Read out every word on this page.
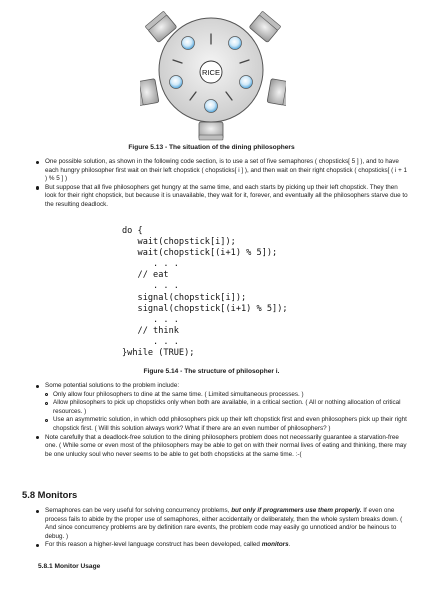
RICE
Figure 5.13 - The situation of the dining philosophers
One possible solution, as shown in the following code section, is to use a set of five semaphores ( chopsticks[ 5 ] ), and to have each hungry philosopher first wait on their left chopstick ( chopsticks[ i ] ), and then wait on their right chopstick ( chopsticks[ ( i + 1 ) % 5 ] )
But suppose that all five philosophers get hungry at the same time, and each starts by picking up their left chopstick. They then look for their right chopstick, but because it is unavailable, they wait for it, forever, and eventually all the philosophers starve due to the resulting deadlock.
do {
wait(chopstick[i]);
wait(chopstick[(i+1) % 5]);
. . .
// eat
. . .
signal(chopstick[i]);
signal(chopstick[(i+1) % 5]);
. . .
// think
. . .
}while (TRUE);
Figure 5.14 - The structure of philosopher i.
Some potential solutions to the problem include:
Only allow four philosophers to dine at the same time. ( Limited simultaneous processes. )
Allow philosophers to pick up chopsticks only when both are available, in a critical section. ( All or nothing allocation of critical resources. )
Use an asymmetric solution, in which odd philosophers pick up their left chopstick first and even philosophers pick up their right chopstick first. ( Will this solution always work? What if there are an even number of philosophers? )
Note carefully that a deadlock-free solution to the dining philosophers problem does not necessarily guarantee a starvation-free one. ( While some or even most of the philosophers may be able to get on with their normal lives of eating and thinking, there may be one unlucky soul who never seems to be able to get both chopsticks at the same time. :-(
5.8 Monitors
Semaphores can be very useful for solving concurrency problems, but only if programmers use them properly. If even one process fails to abide by the proper use of semaphores, either accidentally or deliberately, then the whole system breaks down. ( And since concurrency problems are by definition rare events, the problem code may easily go unnoticed and/or be heinous to debug. )
For this reason a higher-level language construct has been developed, called monitors.
5.8.1 Monitor Usage
